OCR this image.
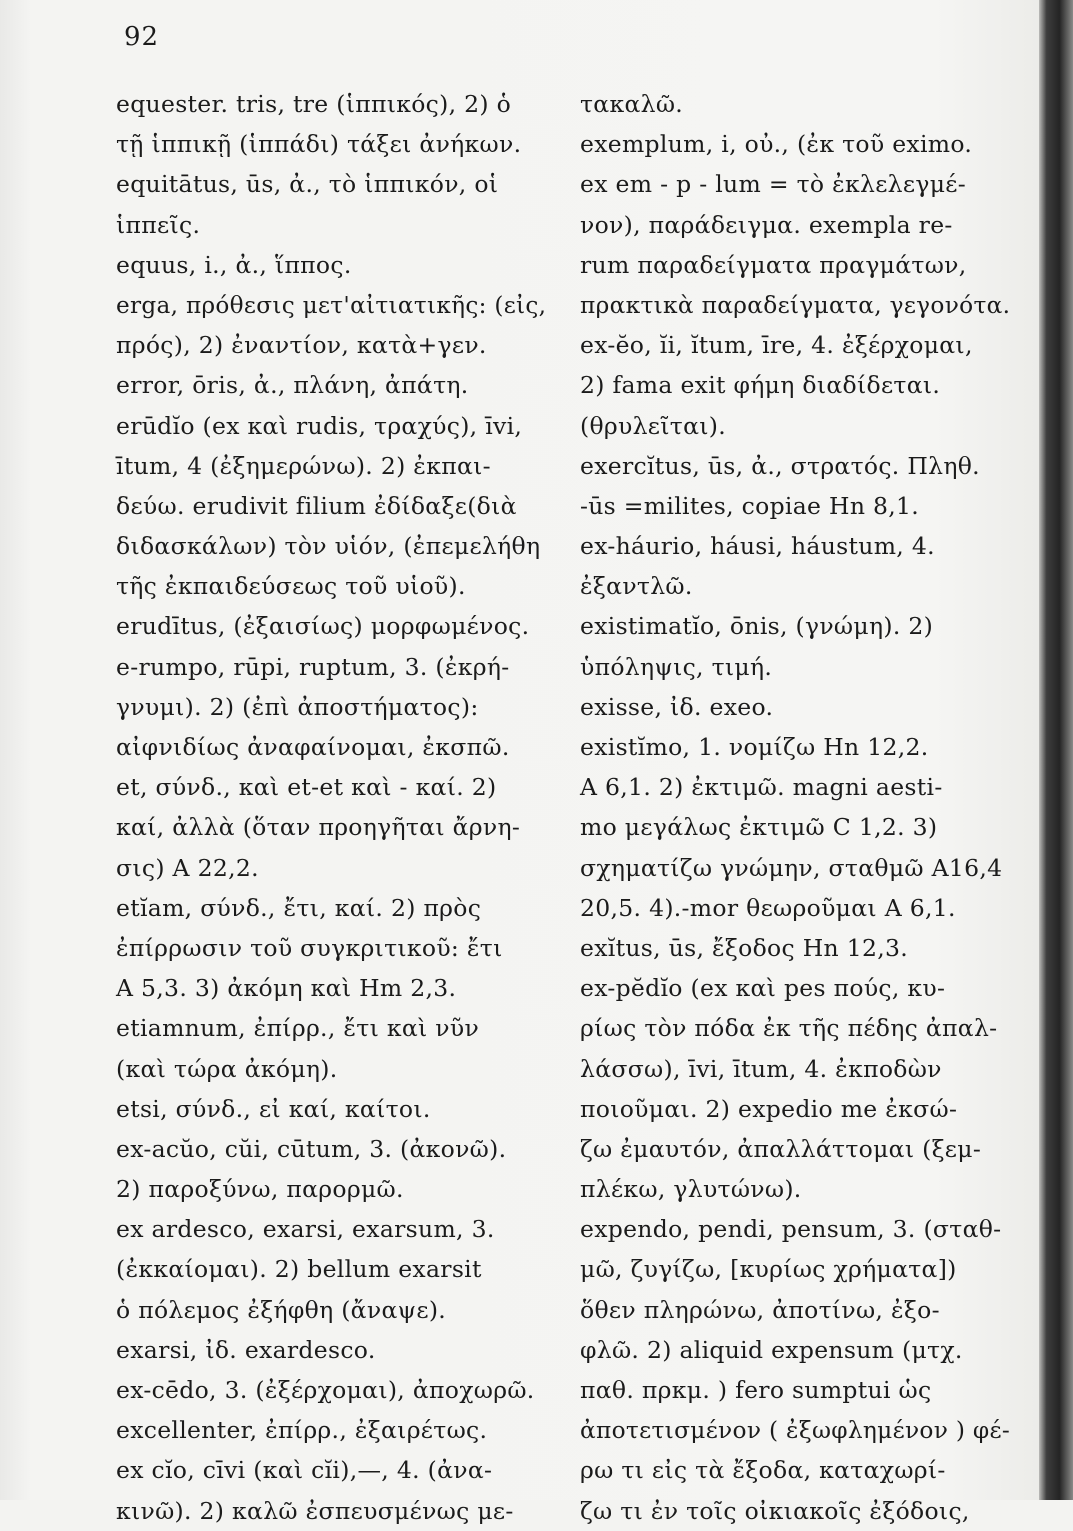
92
equester. tris, tre (ἱππικός), 2) ὁ
τῇ ἱππικῇ (ἱππάδι) τάξει ἀνήκων.
equitātus, ūs, ἀ., τὸ ἱππικόν, οἱ
ἱππεῖς.
equus, i., ἀ., ἵππος.
erga, πρόθεσις μετ'αἰτιατικῆς: (εἰς,
πρός), 2) ἐναντίον, κατὰ+γεν.
error, ōris, ἀ., πλάνη, ἀπάτη.
erūdĭo (ex καὶ rudis, τραχύς), īvi,
ītum, 4 (ἐξημερώνω). 2) ἐκπαι-
δεύω. erudivit filium ἐδίδαξε(διὰ
διδασκάλων) τὸν υἱόν, (ἐπεμελήθη
τῆς ἐκπαιδεύσεως τοῦ υἱοῦ).
erudītus, (ἐξαισίως) μορφωμένος.
e-rumpo, rūpi, ruptum, 3. (ἐκρή-
γνυμι). 2) (ἐπὶ ἀποστήματος):
αἰφνιδίως ἀναφαίνομαι, ἐκσπῶ.
et, σύνδ., καὶ et-et καὶ - καί. 2)
καί, ἀλλὰ (ὅταν προηγῆται ἄρνη-
σις) A 22,2.
etĭam, σύνδ., ἔτι, καί. 2) πρὸς
ἐπίρρωσιν τοῦ συγκριτικοῦ: ἔτι
A 5,3. 3) ἀκόμη καὶ Hm 2,3.
etiamnum, ἐπίρρ., ἔτι καὶ νῦν
(καὶ τώρα ἀκόμη).
etsi, σύνδ., εἰ καί, καίτοι.
ex-acŭo, cŭi, cūtum, 3. (ἀκονῶ).
2) παροξύνω, παρορμῶ.
ex ardesco, exarsi, exarsum, 3.
(ἐκκαίομαι). 2) bellum exarsit
ὁ πόλεμος ἐξήφθη (ἄναψε).
exarsi, ἰδ. exardesco.
ex-cēdo, 3. (ἐξέρχομαι), ἀποχωρῶ.
excellenter, ἐπίρρ., ἐξαιρέτως.
ex cĭo, cīvi (καὶ cĭi),—, 4. (ἀνα-
κινῶ). 2) καλῶ ἐσπευσμένως με-
τακαλῶ.
exemplum, i, οὐ., (ἐκ τοῦ eximo.
ex em - p - lum = τὸ ἐκλελεγμέ-
νον), παράδειγμα. exempla re-
rum παραδείγματα πραγμάτων,
πρακτικὰ παραδείγματα, γεγονότα.
ex-ĕo, ĭi, ĭtum, īre, 4. ἐξέρχομαι,
2) fama exit φήμη διαδίδεται.
(θρυλεῖται).
exercĭtus, ūs, ἀ., στρατός. Πληθ.
-ūs =milites, copiae Hn 8,1.
ex-háurio, háusi, háustum, 4.
ἐξαντλῶ.
existimatĭo, ōnis, (γνώμη). 2)
ὑπόληψις, τιμή.
exisse, ἰδ. exeo.
existĭmo, 1. νομίζω Hn 12,2.
A 6,1. 2) ἐκτιμῶ. magni aesti-
mo μεγάλως ἐκτιμῶ C 1,2. 3)
σχηματίζω γνώμην, σταθμῶ A16,4
20,5. 4).-mor θεωροῦμαι A 6,1.
exĭtus, ūs, ἔξοδος Hn 12,3.
ex-pĕdĭo (ex καὶ pes πούς, κυ-
ρίως τὸν πόδα ἐκ τῆς πέδης ἀπαλ-
λάσσω), īvi, ītum, 4. ἐκποδὼν
ποιοῦμαι. 2) expedio me ἐκσώ-
ζω ἐμαυτόν, ἀπαλλάττομαι (ξεμ-
πλέκω, γλυτώνω).
expendo, pendi, pensum, 3. (σταθ-
μῶ, ζυγίζω, [κυρίως χρήματα])
ὅθεν πληρώνω, ἀποτίνω, ἐξο-
φλῶ. 2) aliquid expensum (μτχ.
παθ. πρκμ. ) fero sumptui ὡς
ἀποτετισμένον ( ἐξωφλημένον ) φέ-
ρω τι εἰς τὰ ἔξοδα, καταχωρί-
ζω τι ἐν τοῖς οἰκιακοῖς ἐξόδοις,
